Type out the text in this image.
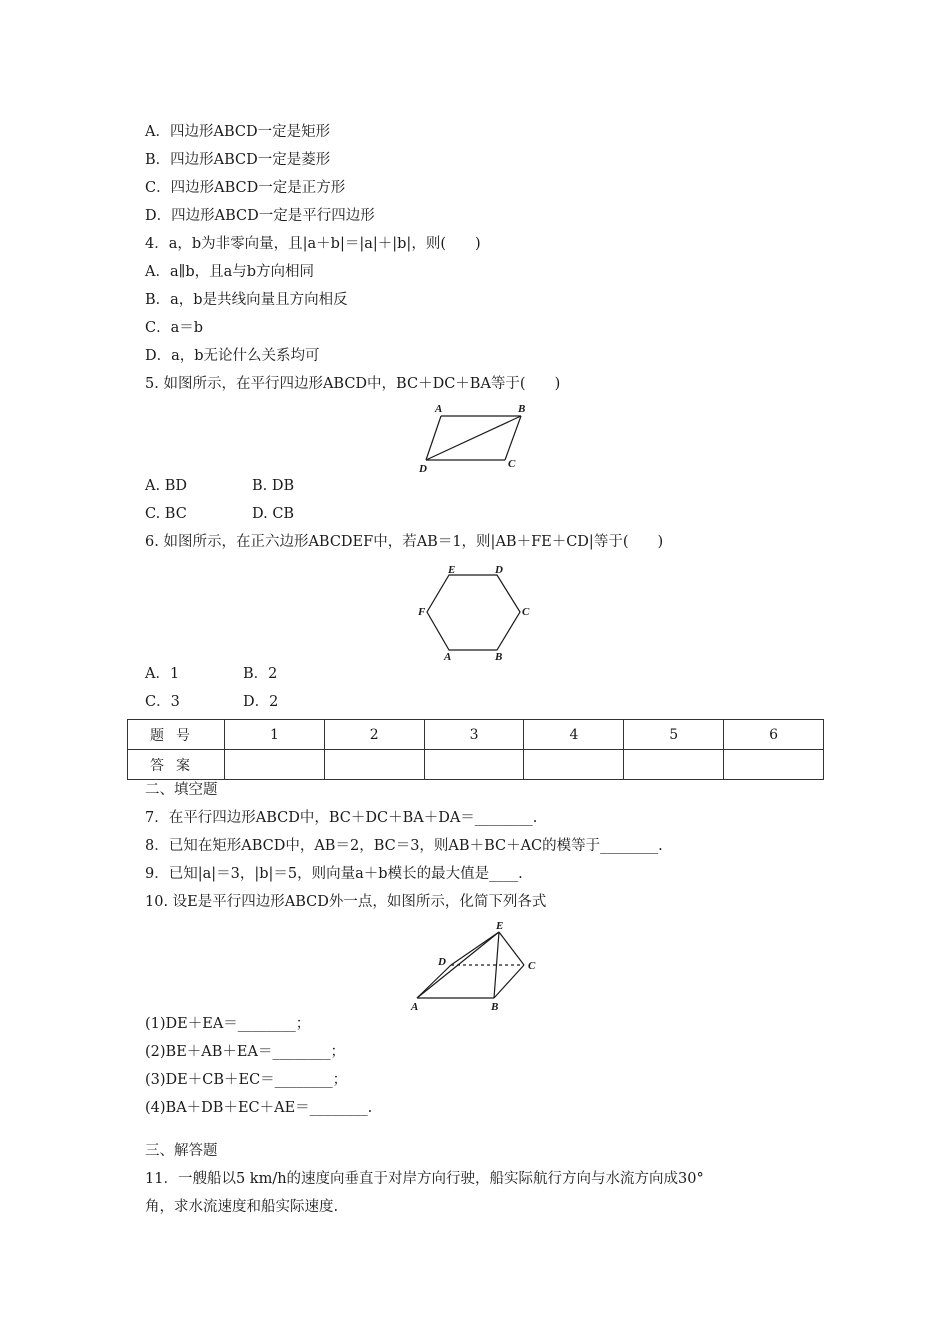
A．四边形ABCD一定是矩形
B．四边形ABCD一定是菱形
C．四边形ABCD一定是正方形
D．四边形ABCD一定是平行四边形
4．a，b为非零向量，且|a＋b|＝|a|＋|b|，则(　　)
A．a∥b，且a与b方向相同
B．a，b是共线向量且方向相反
C．a＝b
D．a，b无论什么关系均可
5. 如图所示，在平行四边形ABCD中，BC＋DC＋BA等于(　　)
A	B
C
D
A. BD	B. DB
C. BC	D. CB
6. 如图所示，在正六边形ABCDEF中，若AB＝1，则|AB＋FE＋CD|等于(　　)
E	D
C
F
A	B
A．1	B．2
C．3	D．2
题号	1	2	3	4	5	6
答案						
二、填空题
7．在平行四边形ABCD中，BC＋DC＋BA＋DA＝________.
8．已知在矩形ABCD中，AB＝2，BC＝3，则AB＋BC＋AC的模等于________.
9．已知|a|＝3，|b|＝5，则向量a＋b模长的最大值是____.
10. 设E是平行四边形ABCD外一点，如图所示，化简下列各式
E
D	C
A	B
(1)DE＋EA＝________；
(2)BE＋AB＋EA＝________；
(3)DE＋CB＋EC＝________；
(4)BA＋DB＋EC＋AE＝________.
三、解答题
11．一艘船以5 km/h的速度向垂直于对岸方向行驶，船实际航行方向与水流方向成30°
角，求水流速度和船实际速度.
